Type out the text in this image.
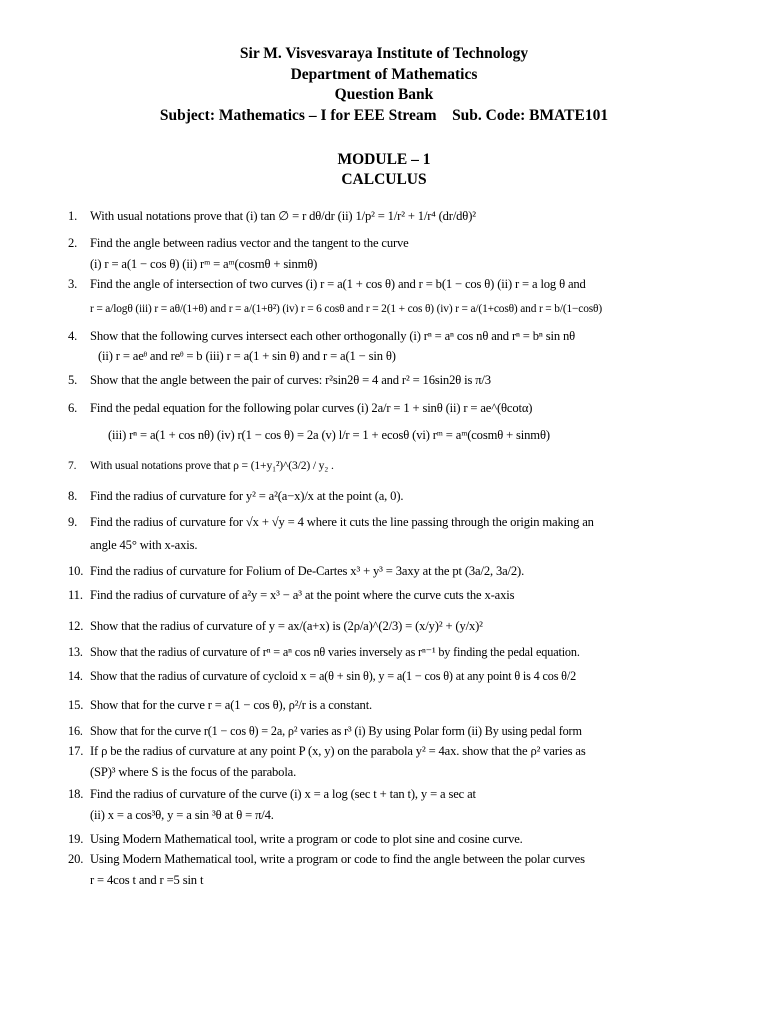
Sir M. Visvesvaraya Institute of Technology
Department of Mathematics
Question Bank
Subject: Mathematics – I for EEE Stream Sub. Code: BMATE101
MODULE – 1
CALCULUS
1. With usual notations prove that (i) tan ∅ = r dθ/dr (ii) 1/p² = 1/r² + 1/r⁴ (dr/dθ)²
2. Find the angle between radius vector and the tangent to the curve
(i) r = a(1 − cos θ) (ii) rᵐ = aᵐ(cosmθ + sinmθ)
3. Find the angle of intersection of two curves (i) r = a(1 + cos θ) and r = b(1 − cos θ) (ii) r = a log θ and
r = a/logθ (iii) r = aθ/(1+θ) and r = a/(1+θ²) (iv) r = 6 cosθ and r = 2(1 + cos θ) (iv) r = a/(1+cosθ) and r = b/(1−cosθ)
4. Show that the following curves intersect each other orthogonally (i) rⁿ = aⁿ cos nθ and rⁿ = bⁿ sin nθ
(ii) r = aeᶿ and reᶿ = b (iii) r = a(1 + sin θ) and r = a(1 − sin θ)
5. Show that the angle between the pair of curves: r²sin2θ = 4 and r² = 16sin2θ is π/3
6. Find the pedal equation for the following polar curves (i) 2a/r = 1 + sinθ (ii) r = ae^(θcotα)
(iii) rⁿ = a(1 + cos nθ) (iv) r(1 − cos θ) = 2a (v) l/r = 1 + ecosθ (vi) rᵐ = aᵐ(cosmθ + sinmθ)
7. With usual notations prove that ρ = (1+y₁²)^(3/2) / y₂ .
8. Find the radius of curvature for y² = a²(a−x)/x at the point (a, 0).
9. Find the radius of curvature for √x + √y = 4 where it cuts the line passing through the origin making an
angle 45° with x-axis.
10. Find the radius of curvature for Folium of De-Cartes x³ + y³ = 3axy at the pt (3a/2, 3a/2).
11. Find the radius of curvature of a²y = x³ − a³ at the point where the curve cuts the x-axis
12. Show that the radius of curvature of y = ax/(a+x) is (2ρ/a)^(2/3) = (x/y)² + (y/x)²
13. Show that the radius of curvature of rⁿ = aⁿ cos nθ varies inversely as rⁿ⁻¹ by finding the pedal equation.
14. Show that the radius of curvature of cycloid x = a(θ + sin θ), y = a(1 − cos θ) at any point θ is 4 cos θ/2
15. Show that for the curve r = a(1 − cos θ), ρ²/r is a constant.
16. Show that for the curve r(1 − cos θ) = 2a, ρ² varies as r³ (i) By using Polar form (ii) By using pedal form
17. If ρ be the radius of curvature at any point P (x, y) on the parabola y² = 4ax. show that the ρ² varies as
(SP)³ where S is the focus of the parabola.
18. Find the radius of curvature of the curve (i) x = a log (sec t + tan t), y = a sec at
(ii) x = a cos³θ, y = a sin ³θ at θ = π/4.
19. Using Modern Mathematical tool, write a program or code to plot sine and cosine curve.
20. Using Modern Mathematical tool, write a program or code to find the angle between the polar curves
r = 4cos t and r =5 sin t
